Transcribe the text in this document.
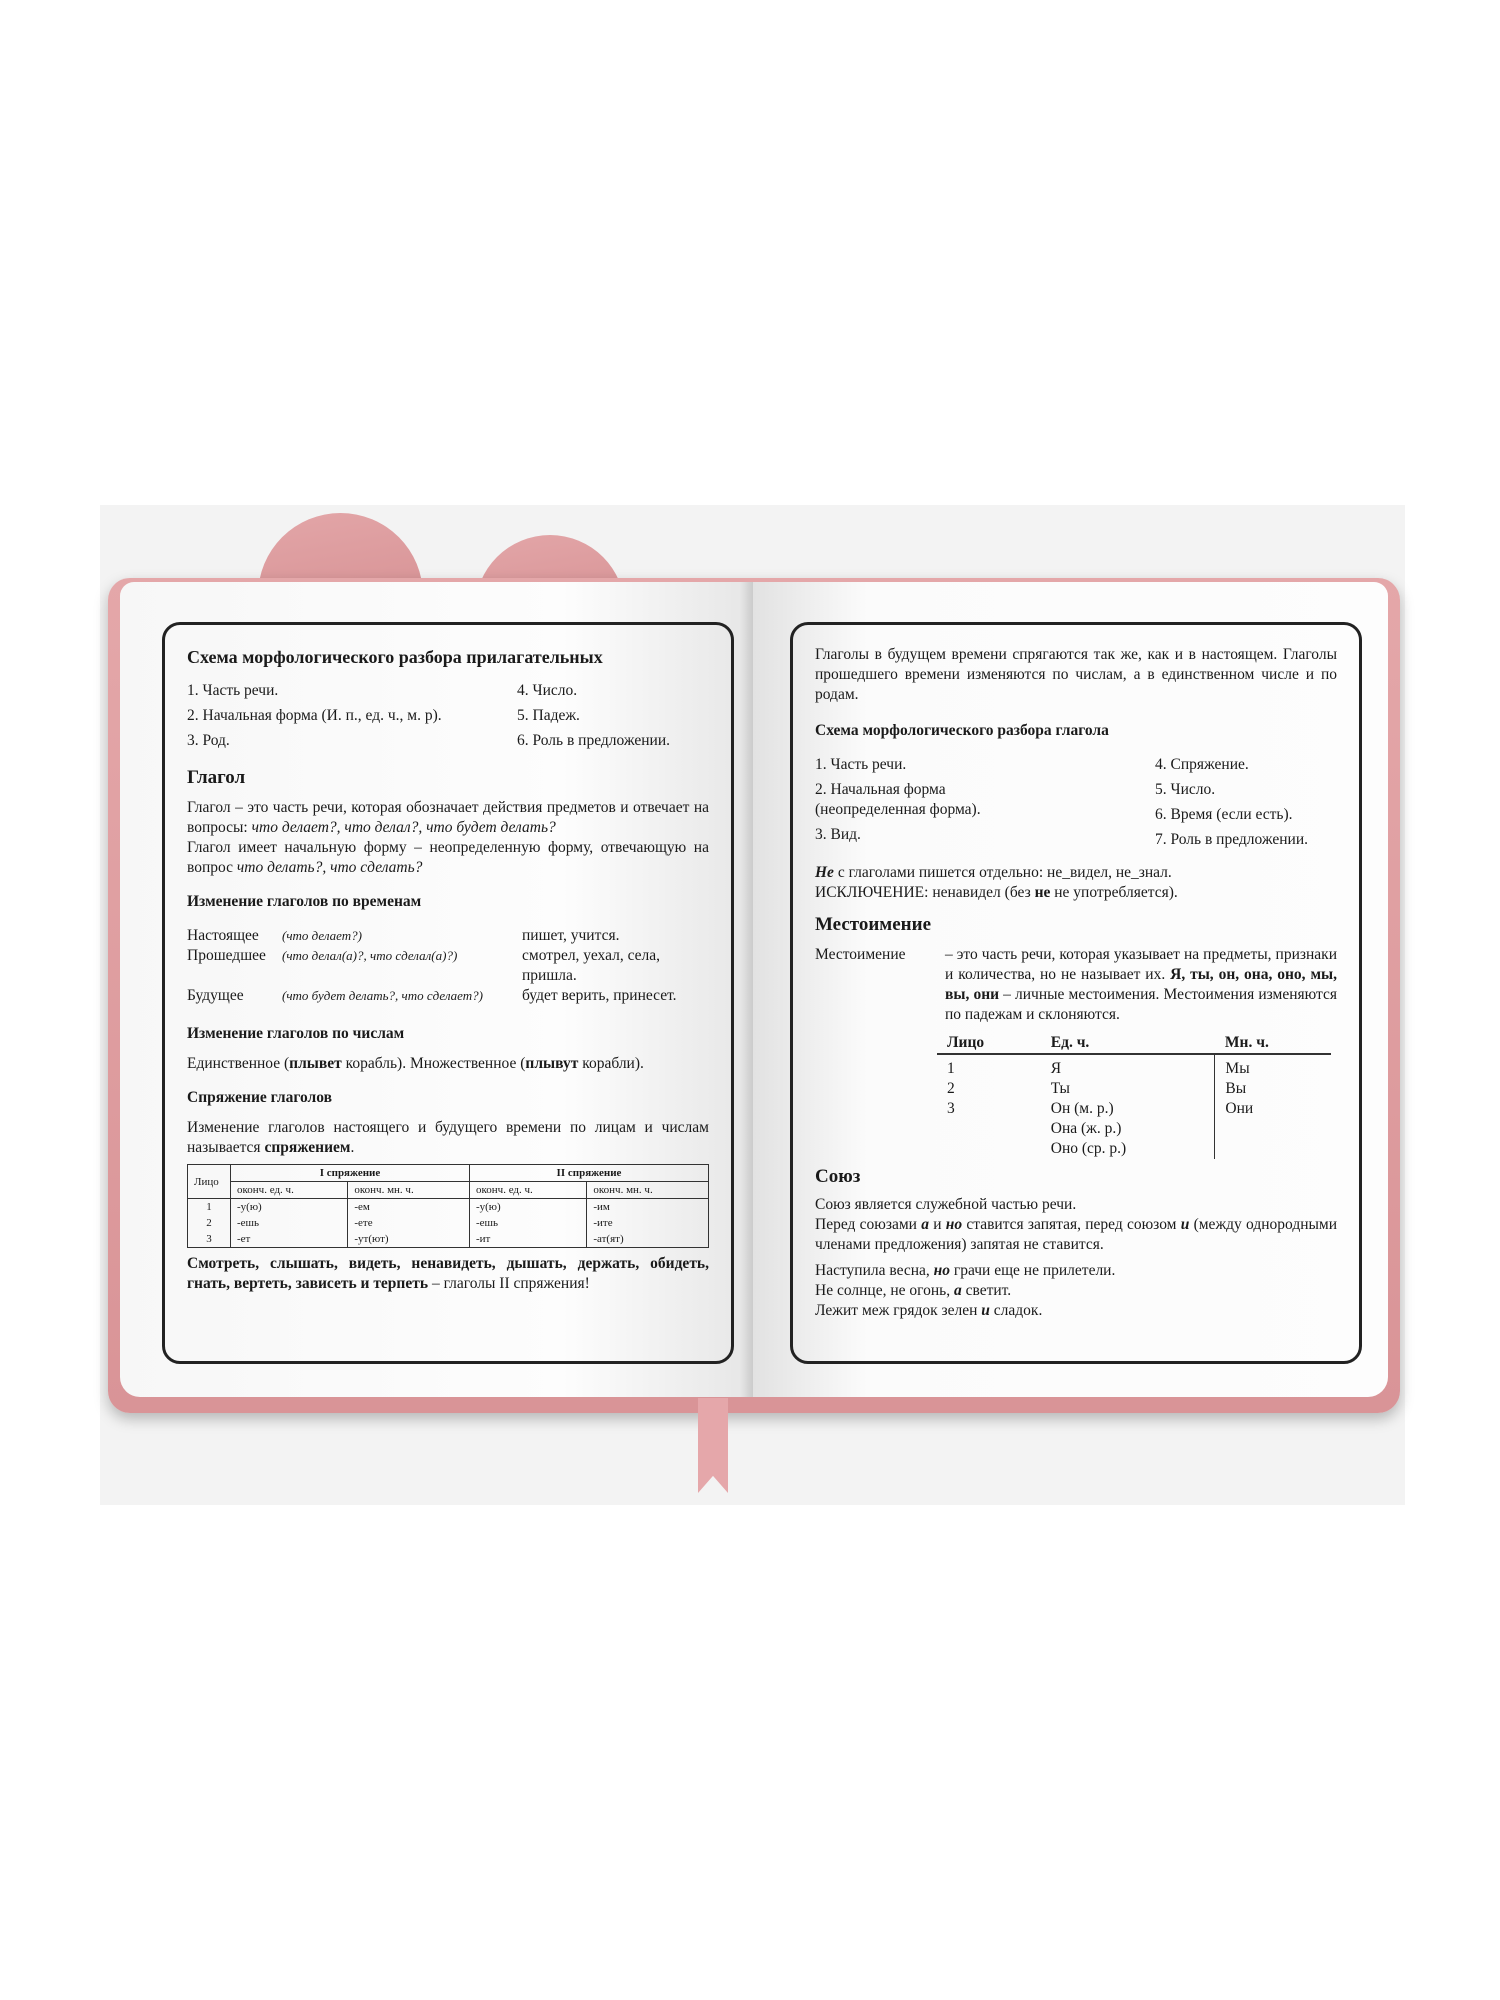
Схема морфологического разбора прилагательных

1. Часть речи.
2. Начальная форма (И. п., ед. ч., м. р).
3. Род.
4. Число.
5. Падеж.
6. Роль в предложении.

Глагол

Глагол – это часть речи, которая обозначает действия предметов и отвечает на вопросы: что делает?, что делал?, что будет делать?

Глагол имеет начальную форму – неопределенную форму, отвечающую на вопрос что делать?, что сделать?

Изменение глаголов по временам

Настоящее	(что делает?)	пишет, учится.
Прошедшее	(что делал(а)?, что сделал(а)?)	смотрел, уехал, села, пришла.
Будущее	(что будет делать?, что сделает?)	будет верить, принесет.

Изменение глаголов по числам

Единственное (плывет корабль). Множественное (плывут корабли).

Спряжение глаголов

Изменение глаголов настоящего и будущего времени по лицам и числам называется спряжением.

Лицо	I спряжение		II спряжение	
	оконч. ед. ч.	оконч. мн. ч.	оконч. ед. ч.	оконч. мн. ч.
1	-у(ю)	-ем	-у(ю)	-им
2	-ешь	-ете	-ешь	-ите
3	-ет	-ут(ют)	-ит	-ат(ят)

Смотреть, слышать, видеть, ненавидеть, дышать, держать, обидеть, гнать, вертеть, зависеть и терпеть – глаголы II спряжения!

Глаголы в будущем времени спрягаются так же, как и в настоящем. Глаголы прошедшего времени изменяются по числам, а в единственном числе и по родам.

Схема морфологического разбора глагола

1. Часть речи.
2. Начальная форма (неопределенная форма).
3. Вид.
4. Спряжение.
5. Число.
6. Время (если есть).
7. Роль в предложении.

Не с глаголами пишется отдельно: не_видел, не_знал.

ИСКЛЮЧЕНИЕ: ненавидел (без не не употребляется).

Местоимение

Местоимение	– это часть речи, которая указывает на предметы, признаки и количества, но не называет их. Я, ты, он, она, оно, мы, вы, они – личные местоимения. Местоимения изменяются по падежам и склоняются.
Лицо	Ед. ч.	Мн. ч.
1	Я	Мы
2	Ты	Вы
3	Он (м. р.)	Они
	Она (ж. р.)	
	Оно (ср. р.)	

Союз

Союз является служебной частью речи.

Перед союзами а и но ставится запятая, перед союзом и (между однородными членами предложения) запятая не ставится.

Наступила весна, но грачи еще не прилетели.

Не солнце, не огонь, а светит.

Лежит меж грядок зелен и сладок.
